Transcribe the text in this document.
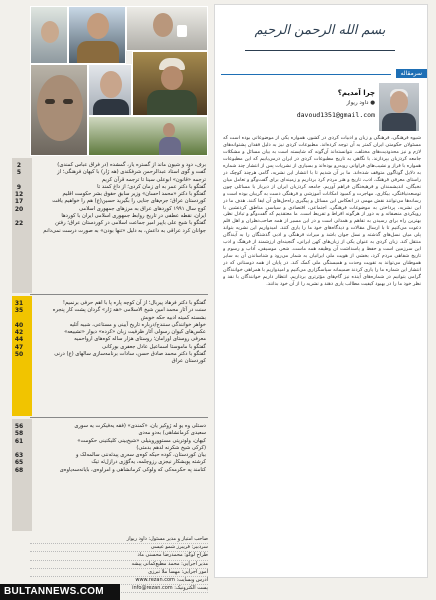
2	برف، دود و شیون ماند از گستره یار، گمشده (در فراق عباس کمندی)
5	گفت و گوی استاد عبدالرحمن شرفکندی (هه ژار) با کیهان فرهنگی؛ از
ترجمه «قانون» ابوعلی سینا تا ترجمه قرآن کریم
9	گفتگو با دکتر عمر به ای زمان کردی؛ از داغ کمند تا
12	گفتگو با دکتر «محمد احسان» وزیر سابق حقوق بشر حکومت اقلیم
17	کوردستان عراق؛ جرم‌های جنایی را بگیرید حسین(ع) هم را خواهیم یافت
20	کوچ سال ۱۹۹۱ کوردهای عراق به مرزهای جمهوری اسلامی
ایران، نقطه عطفی در تاریخ روابط جمهوری اسلامی ایران با کوردها
22	گفتگو با شیخ علی باپیر امیر جماعت اسلامی در کوردستان عراق؛ رفتن
جوانان کرد عراقی به داعش، به دلیل «تنها بودن» به صورت درست نمی‌دانم
31	گفتگو با دکتر فرهاد پیربال؛ از آن کوچه پاره پا با اهم حرفی برنمیم!
35	سنت در آثار محمد امین شیخ الاسلامی «هه ژار» گردان پشت کار پنجره
بشسته کمیته ادبیه حکه خوبش
40	خواهر خوانندگی سنندج/درباره تاریخ آیینی و مستاعی، شبیه آتلیه
42	عکس‌های کیوان رسولی آثار ظرفیت زبان «کرده» دیوار «تشییعه»
44	معرفی روستای اورامان؛ روستای هزار ساله کوه‌های ارواحمیه
47	گفتگو با ماموستا اسماعیل عادل جعفری بورکانی
50	گفتگو با دکتر محمد صادق حسن، سادات برنامه‌سازی سالهای (ع) درنی
کوردستان عراق
56	دستلی وه یو له ژوکیر یان، «کمندی» (فقه یه‌فیکرت یه سوری
58	سعیدی کرمانشاهی) به‌دو مه‌دی
61	کیهان، ولوتریتی مستووروینیلی «شیخ‌بینی کلیکتینی حکومت»
(کرکی شیخ شکرنه لدهم بدمتی)
63	بیان کوردستان، کوده حیکه کوه‌ی سه‌ری پیدئه‌ننی سالمه‌لک و
65	کرشته پویشکار نیجزی رزوچلمه، یه‌گۆزی درازل‌ئه تیک
68	کتا‌مند په حکرمه‌کی که ولوکی کرمانشاهی و امراوه‌ی، بایانه‌سه‌یاوه‌ی
صاحب امتیاز و مدیر مسئول: داود ریواز
سردبیر: فریبرز شمو عیسی
طراح لوگو: محمدرضا محسنی ماد
مدیر اجرایی: محمد مطیع‌کمانی پیشه
امور اجرایی: مهسا ملا تبرزی
آدرس وبسایت: www.rezan.com
پست الکترونیک: info@rezan.com
بسم الله الرحمن الرحيم
سرمقاله
چرا آمدیم؟
● داود ریواز
davoud1351@gmail.com

شیوه فرهنگی، فرهنگی و زبان و ادبیات کردی در کشور، همواره یکی از موضوعاتی بوده است که مسئولان حکومتی ایران کمتر به آن توجه کرده‌اند. مطبوعات کردی نیز به دلیل فقدان پشتوانه‌های لازم و نیز محدودیت‌های مختلف، نتوانسته‌اند آن‌گونه که شایسته است به بیان مسائل و مشکلات جامعه کردزبان بپردازند. با نگاهی به تاریخ مطبوعات کردی در ایران درمی‌یابیم که این مطبوعات همواره با فراز و نشیب‌های فراوانی روبه‌رو بوده‌اند و بسیاری از نشریات پس از انتشار چند شماره به دلایل گوناگون متوقف شده‌اند. ما بر آن شدیم تا با انتشار این نشریه، گامی هرچند کوچک در راستای معرفی فرهنگ، ادب، تاریخ و هنر مردم کرد برداریم و زمینه‌ای برای گفت‌وگو و تعامل میان نخبگان، اندیشمندان و فرهیختگان فراهم آوریم. جامعه کردزبان ایران از دیرباز با مسائلی چون توسعه‌نیافتگی، بیکاری، مهاجرت و کمبود امکانات آموزشی و فرهنگی دست به گریبان بوده است و رسانه‌ها می‌توانند نقش مهمی در انعکاس این مسائل و پیگیری راه‌حل‌های آن ایفا کنند. هدف ما در این نشریه، پرداختن به موضوعات فرهنگی، اجتماعی، اقتصادی و سیاسی مناطق کردنشین با رویکردی منصفانه و به دور از هرگونه افراط و تفریط است. ما معتقدیم که گفت‌وگو و تبادل نظر، بهترین راه برای رسیدن به تفاهم و همدلی است و در این مسیر از همه صاحب‌نظران و اهل قلم دعوت می‌کنیم تا با ارسال مقالات و دیدگاه‌های خود ما را یاری کنند. امیدواریم این نشریه بتواند پلی میان نسل‌های گذشته و نسل جوان باشد و میراث فرهنگی و ادبی گذشتگان را به آیندگان منتقل کند. زبان کردی به عنوان یکی از زبان‌های کهن ایرانی، گنجینه‌ای ارزشمند از فرهنگ و ادب این سرزمین است و حفظ و پاسداشت آن وظیفه همه ماست. شعر، موسیقی، آداب و رسوم و تاریخ شفاهی مردم کرد، بخشی از هویت ملی ایرانیان به شمار می‌رود و شناساندن آن به سایر هموطنان می‌تواند به تقویت وحدت و همبستگی ملی کمک کند. در پایان از همه دوستانی که در انتشار این شماره ما را یاری کردند صمیمانه سپاسگزاری می‌کنیم و امیدواریم با همراهی خوانندگان گرامی بتوانیم در شماره‌های آینده نیز گام‌های مؤثرتری برداریم. انتظار داریم خوانندگان با نقد و نظر خود ما را در بهبود کیفیت مطالب یاری دهند و نشریه را از آن خود بدانند.

BULTANNEWS.COM
